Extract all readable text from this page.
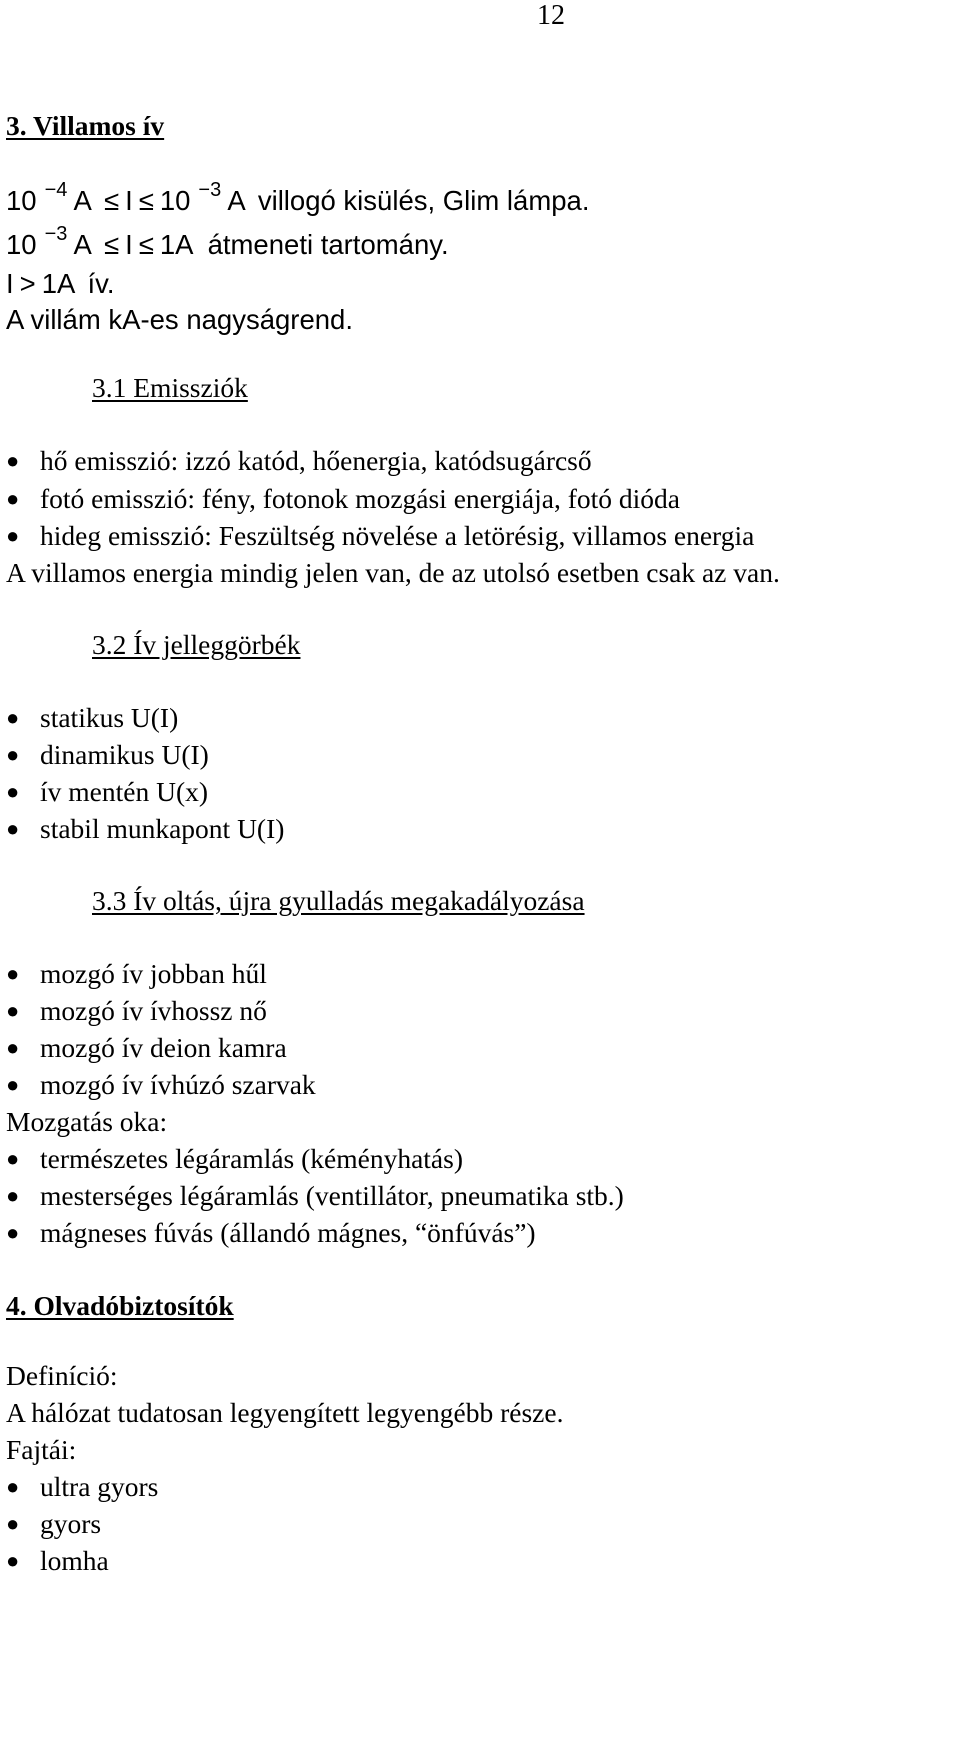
12
3. Villamos ív
10 $^{-4}$ A ≤ I ≤ 10 $^{-3}$ A villogó kisülés, Glim lámpa.
10 $^{-3}$ A ≤ I ≤ 1A átmeneti tartomány.
I > 1A ív.
A villám kA-es nagyságrend.
3.1 Emissziók
● hő emisszió: izzó katód, hőenergia, katódsugárcső
● fotó emisszió: fény, fotonok mozgási energiája, fotó dióda
● hideg emisszió: Feszültség növelése a letörésig, villamos energia
A villamos energia mindig jelen van, de az utolsó esetben csak az van.
3.2 Ív jelleggörbék
● statikus U(I)
● dinamikus U(I)
● ív mentén U(x)
● stabil munkapont U(I)
3.3 Ív oltás, újra gyulladás megakadályozása
● mozgó ív jobban hűl
● mozgó ív ívhossz nő
● mozgó ív deion kamra
● mozgó ív ívhúzó szarvak
Mozgatás oka:
● természetes légáramlás (kéményhatás)
● mesterséges légáramlás (ventillátor, pneumatika stb.)
● mágneses fúvás (állandó mágnes, “önfúvás”)
4. Olvadóbiztosítók
Definíció:
A hálózat tudatosan legyengített legyengébb része.
Fajtái:
● ultra gyors
● gyors
● lomha
